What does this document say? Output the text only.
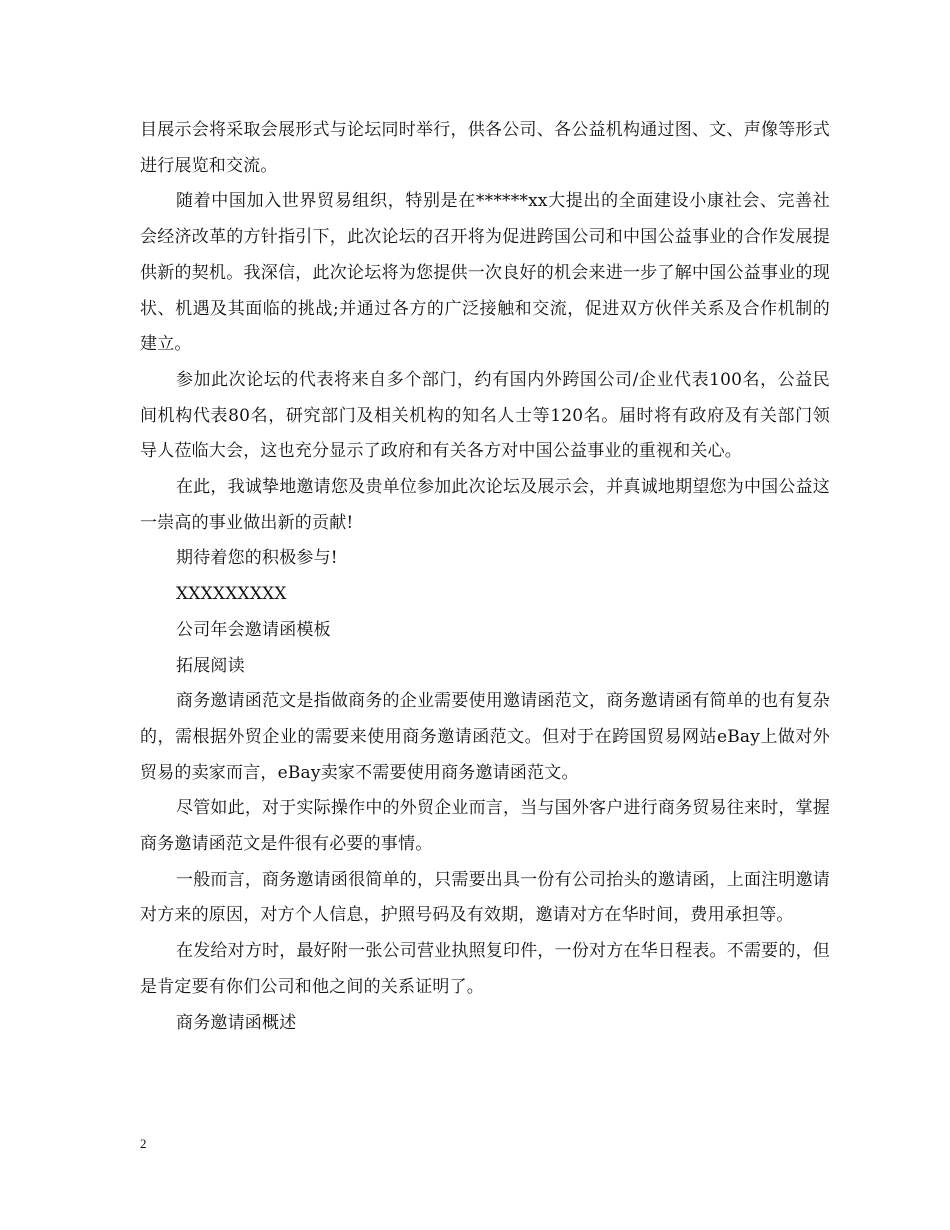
目展示会将采取会展形式与论坛同时举行，供各公司、各公益机构通过图、文、声像等形式进行展览和交流。

随着中国加入世界贸易组织，特别是在******xx大提出的全面建设小康社会、完善社会经济改革的方针指引下，此次论坛的召开将为促进跨国公司和中国公益事业的合作发展提供新的契机。我深信，此次论坛将为您提供一次良好的机会来进一步了解中国公益事业的现状、机遇及其面临的挑战;并通过各方的广泛接触和交流，促进双方伙伴关系及合作机制的建立。

参加此次论坛的代表将来自多个部门，约有国内外跨国公司/企业代表100名，公益民间机构代表80名，研究部门及相关机构的知名人士等120名。届时将有政府及有关部门领导人莅临大会，这也充分显示了政府和有关各方对中国公益事业的重视和关心。

在此，我诚挚地邀请您及贵单位参加此次论坛及展示会，并真诚地期望您为中国公益这一崇高的事业做出新的贡献!

期待着您的积极参与!

XXXXXXXXX

公司年会邀请函模板

拓展阅读

商务邀请函范文是指做商务的企业需要使用邀请函范文，商务邀请函有简单的也有复杂的，需根据外贸企业的需要来使用商务邀请函范文。但对于在跨国贸易网站eBay上做对外贸易的卖家而言，eBay卖家不需要使用商务邀请函范文。

尽管如此，对于实际操作中的外贸企业而言，当与国外客户进行商务贸易往来时，掌握商务邀请函范文是件很有必要的事情。

一般而言，商务邀请函很简单的，只需要出具一份有公司抬头的邀请函，上面注明邀请对方来的原因，对方个人信息，护照号码及有效期，邀请对方在华时间，费用承担等。

在发给对方时，最好附一张公司营业执照复印件，一份对方在华日程表。不需要的，但是肯定要有你们公司和他之间的关系证明了。

商务邀请函概述

2
